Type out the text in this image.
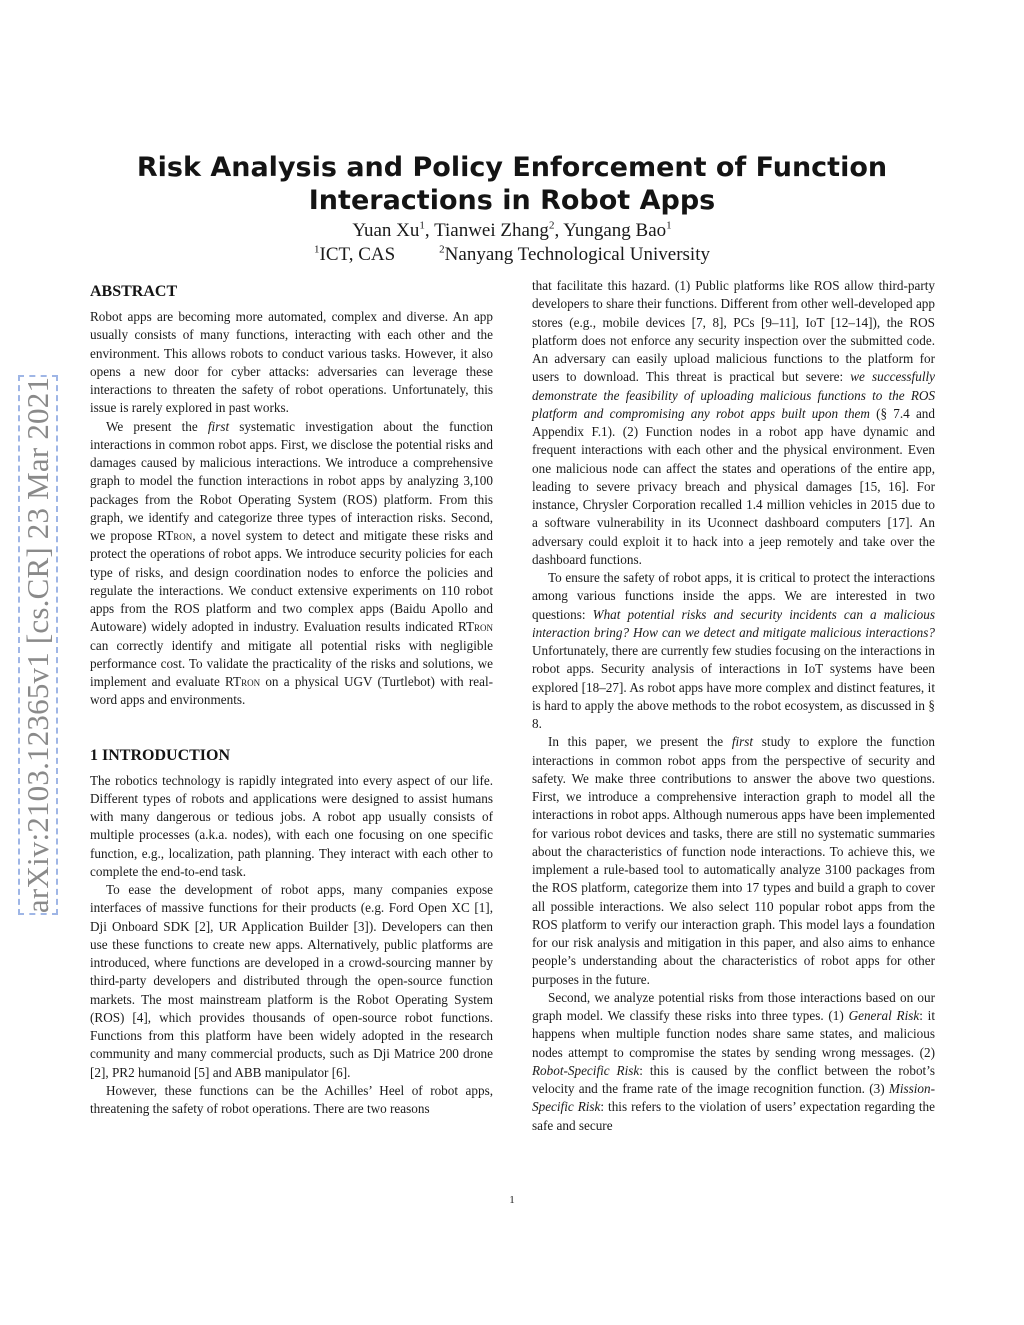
arXiv:2103.12365v1 [cs.CR] 23 Mar 2021
Risk Analysis and Policy Enforcement of Function Interactions in Robot Apps
Yuan Xu$^1$, Tianwei Zhang$^2$, Yungang Bao$^1$
$^1$ICT, CAS	$^2$Nanyang Technological University
ABSTRACT

Robot apps are becoming more automated, complex and diverse. An app usually consists of many functions, interacting with each other and the environment. This allows robots to conduct various tasks. However, it also opens a new door for cyber attacks: adversaries can leverage these interactions to threaten the safety of robot operations. Unfortunately, this issue is rarely explored in past works.

We present the first systematic investigation about the function interactions in common robot apps. First, we disclose the potential risks and damages caused by malicious interactions. We introduce a comprehensive graph to model the function interactions in robot apps by analyzing 3,100 packages from the Robot Operating System (ROS) platform. From this graph, we identify and categorize three types of interaction risks. Second, we propose RTron, a novel system to detect and mitigate these risks and protect the operations of robot apps. We introduce security policies for each type of risks, and design coordination nodes to enforce the policies and regulate the interactions. We conduct extensive experiments on 110 robot apps from the ROS platform and two complex apps (Baidu Apollo and Autoware) widely adopted in industry. Evaluation results indicated RTron can correctly identify and mitigate all potential risks with negligible performance cost. To validate the practicality of the risks and solutions, we implement and evaluate RTron on a physical UGV (Turtlebot) with real-word apps and environments.

1 INTRODUCTION

The robotics technology is rapidly integrated into every aspect of our life. Different types of robots and applications were designed to assist humans with many dangerous or tedious jobs. A robot app usually consists of multiple processes (a.k.a. nodes), with each one focusing on one specific function, e.g., localization, path planning. They interact with each other to complete the end-to-end task.

To ease the development of robot apps, many companies expose interfaces of massive functions for their products (e.g. Ford Open XC [1], Dji Onboard SDK [2], UR Application Builder [3]). Developers can then use these functions to create new apps. Alternatively, public platforms are introduced, where functions are developed in a crowd-sourcing manner by third-party developers and distributed through the open-source function markets. The most mainstream platform is the Robot Operating System (ROS) [4], which provides thousands of open-source robot functions. Functions from this platform have been widely adopted in the research community and many commercial products, such as Dji Matrice 200 drone [2], PR2 humanoid [5] and ABB manipulator [6].

However, these functions can be the Achilles’ Heel of robot apps, threatening the safety of robot operations. There are two reasons

that facilitate this hazard. (1) Public platforms like ROS allow third-party developers to share their functions. Different from other well-developed app stores (e.g., mobile devices [7, 8], PCs [9–11], IoT [12–14]), the ROS platform does not enforce any security inspection over the submitted code. An adversary can easily upload malicious functions to the platform for users to download. This threat is practical but severe: we successfully demonstrate the feasibility of uploading malicious functions to the ROS platform and compromising any robot apps built upon them (§ 7.4 and Appendix F.1). (2) Function nodes in a robot app have dynamic and frequent interactions with each other and the physical environment. Even one malicious node can affect the states and operations of the entire app, leading to severe privacy breach and physical damages [15, 16]. For instance, Chrysler Corporation recalled 1.4 million vehicles in 2015 due to a software vulnerability in its Uconnect dashboard computers [17]. An adversary could exploit it to hack into a jeep remotely and take over the dashboard functions.

To ensure the safety of robot apps, it is critical to protect the interactions among various functions inside the apps. We are interested in two questions: What potential risks and security incidents can a malicious interaction bring? How can we detect and mitigate malicious interactions? Unfortunately, there are currently few studies focusing on the interactions in robot apps. Security analysis of interactions in IoT systems have been explored [18–27]. As robot apps have more complex and distinct features, it is hard to apply the above methods to the robot ecosystem, as discussed in § 8.

In this paper, we present the first study to explore the function interactions in common robot apps from the perspective of security and safety. We make three contributions to answer the above two questions. First, we introduce a comprehensive interaction graph to model all the interactions in robot apps. Although numerous apps have been implemented for various robot devices and tasks, there are still no systematic summaries about the characteristics of function node interactions. To achieve this, we implement a rule-based tool to automatically analyze 3100 packages from the ROS platform, categorize them into 17 types and build a graph to cover all possible interactions. We also select 110 popular robot apps from the ROS platform to verify our interaction graph. This model lays a foundation for our risk analysis and mitigation in this paper, and also aims to enhance people’s understanding about the characteristics of robot apps for other purposes in the future.

Second, we analyze potential risks from those interactions based on our graph model. We classify these risks into three types. (1) General Risk: it happens when multiple function nodes share same states, and malicious nodes attempt to compromise the states by sending wrong messages. (2) Robot-Specific Risk: this is caused by the conflict between the robot’s velocity and the frame rate of the image recognition function. (3) Mission-Specific Risk: this refers to the violation of users’ expectation regarding the safe and secure

1
